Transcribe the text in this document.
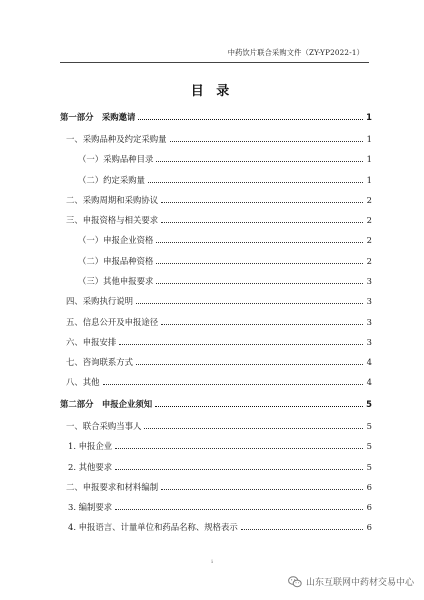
中药饮片联合采购文件（ZY-YP2022-1）
目 录
第一部分　采购邀请	1
一、采购品种及约定采购量	1
（一）采购品种目录	1
（二）约定采购量	1
二、采购周期和采购协议	2
三、申报资格与相关要求	2
（一）申报企业资格	2
（二）申报品种资格	2
（三）其他申报要求	3
四、采购执行说明	3
五、信息公开及申报途径	3
六、申报安排	3
七、咨询联系方式	4
八、其他	4
第二部分　申报企业须知	5
一、联合采购当事人	5
1. 申报企业	5
2. 其他要求	5
二、申报要求和材料编制	6
3. 编制要求	6
4. 申报语言、计量单位和药品名称、规格表示	6
i
山东互联网中药材交易中心
